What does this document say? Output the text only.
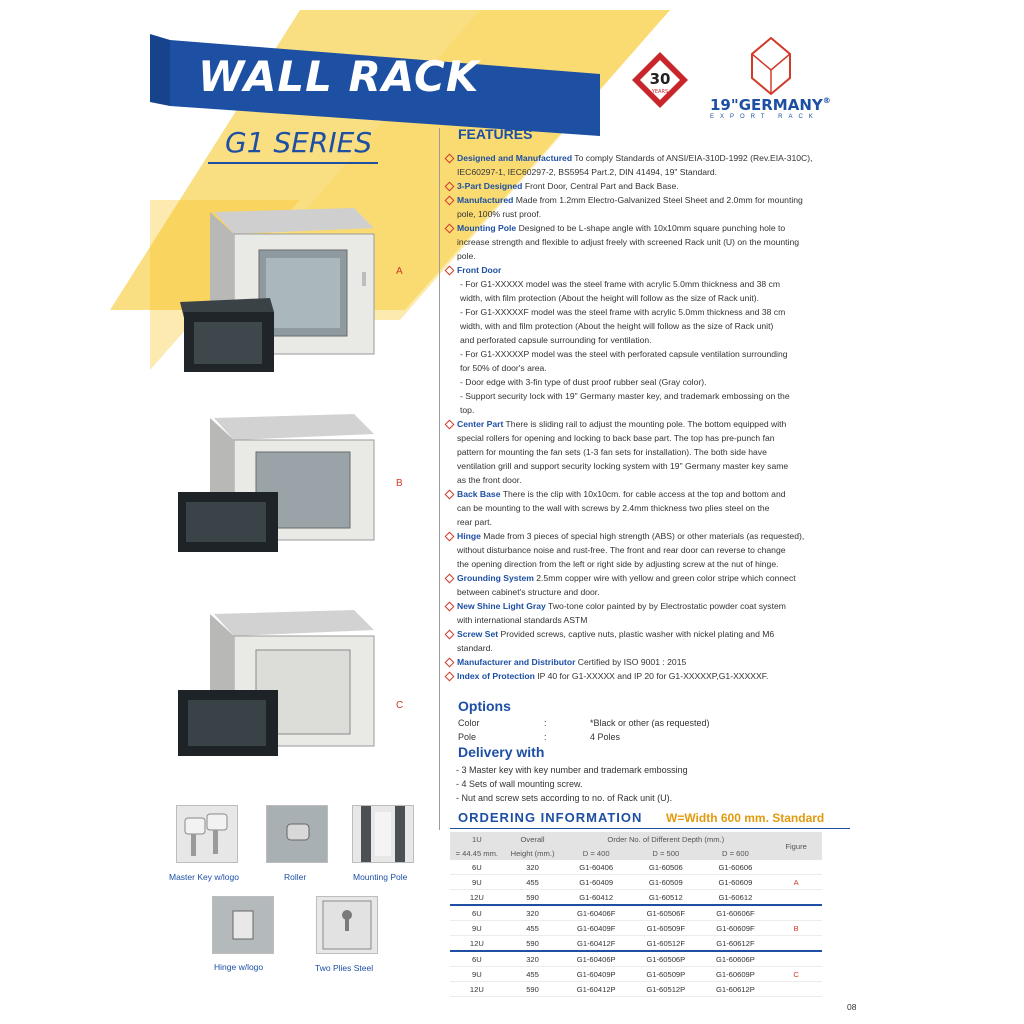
WALL RACK
G1 SERIES
30
YEARS
19"GERMANY®
EXPORT RACK
A
B
C
Master Key w/logo	Roller	Mounting Pole
Hinge w/logo	Two Plies Steel
FEATURES
Designed and Manufactured To comply Standards of ANSI/EIA-310D-1992 (Rev.EIA-310C),
IEC60297-1, IEC60297-2, BS5954 Part.2, DIN 41494, 19" Standard.
3-Part Designed Front Door, Central Part and Back Base.
Manufactured Made from 1.2mm Electro-Galvanized Steel Sheet and 2.0mm for mounting
pole, 100% rust proof.
Mounting Pole Designed to be L-shape angle with 10x10mm square punching hole to
increase strength and flexible to adjust freely with screened Rack unit (U) on the mounting
pole.
Front Door
- For G1-XXXXX model was the steel frame with acrylic 5.0mm thickness and 38 cm
width, with film protection (About the height will follow as the size of Rack unit).
- For G1-XXXXXF model was the steel frame with acrylic 5.0mm thickness and 38 cm
width, with and film protection (About the height will follow as the size of Rack unit)
and perforated capsule surrounding for ventilation.
- For G1-XXXXXP model was the steel with perforated capsule ventilation surrounding
for 50% of door's area.
- Door edge with 3-fin type of dust proof rubber seal (Gray color).
- Support security lock with 19" Germany master key, and trademark embossing on the
top.
Center Part There is sliding rail to adjust the mounting pole. The bottom equipped with
special rollers for opening and locking to back base part. The top has pre-punch fan
pattern for mounting the fan sets (1-3 fan sets for installation). The both side have
ventilation grill and support security locking system with 19" Germany master key same
as the front door.
Back Base There is the clip with 10x10cm. for cable access at the top and bottom and
can be mounting to the wall with screws by 2.4mm thickness two plies steel on the
rear part.
Hinge Made from 3 pieces of special high strength (ABS) or other materials (as requested),
without disturbance noise and rust-free. The front and rear door can reverse to change
the opening direction from the left or right side by adjusting screw at the nut of hinge.
Grounding System 2.5mm copper wire with yellow and green color stripe which connect
between cabinet's structure and door.
New Shine Light Gray Two-tone color painted by by Electrostatic powder coat system
with international standards ASTM
Screw Set Provided screws, captive nuts, plastic washer with nickel plating and M6
standard.
Manufacturer and Distributor Certified by ISO 9001 : 2015
Index of Protection IP 40 for G1-XXXXX and IP 20 for G1-XXXXXP,G1-XXXXXF.
Options
Color	:	*Black or other (as requested)
Pole	:	4 Poles
Delivery with
- 3 Master key with key number and trademark embossing
- 4 Sets of wall mounting screw.
- Nut and screw sets according to no. of Rack unit (U).
ORDERING INFORMATION W=Width 600 mm. Standard
1U	Overall	Order No. of Different Depth (mm.)			Figure
= 44.45 mm.	Height (mm.)	D = 400	D = 500	D = 600	
6U	320	G1-60406	G1-60506	G1-60606	
9U	455	G1-60409	G1-60509	G1-60609	A
12U	590	G1-60412	G1-60512	G1-60612	
6U	320	G1-60406F	G1-60506F	G1-60606F	
9U	455	G1-60409F	G1-60509F	G1-60609F	B
12U	590	G1-60412F	G1-60512F	G1-60612F	
6U	320	G1-60406P	G1-60506P	G1-60606P	
9U	455	G1-60409P	G1-60509P	G1-60609P	C
12U	590	G1-60412P	G1-60512P	G1-60612P	
08
